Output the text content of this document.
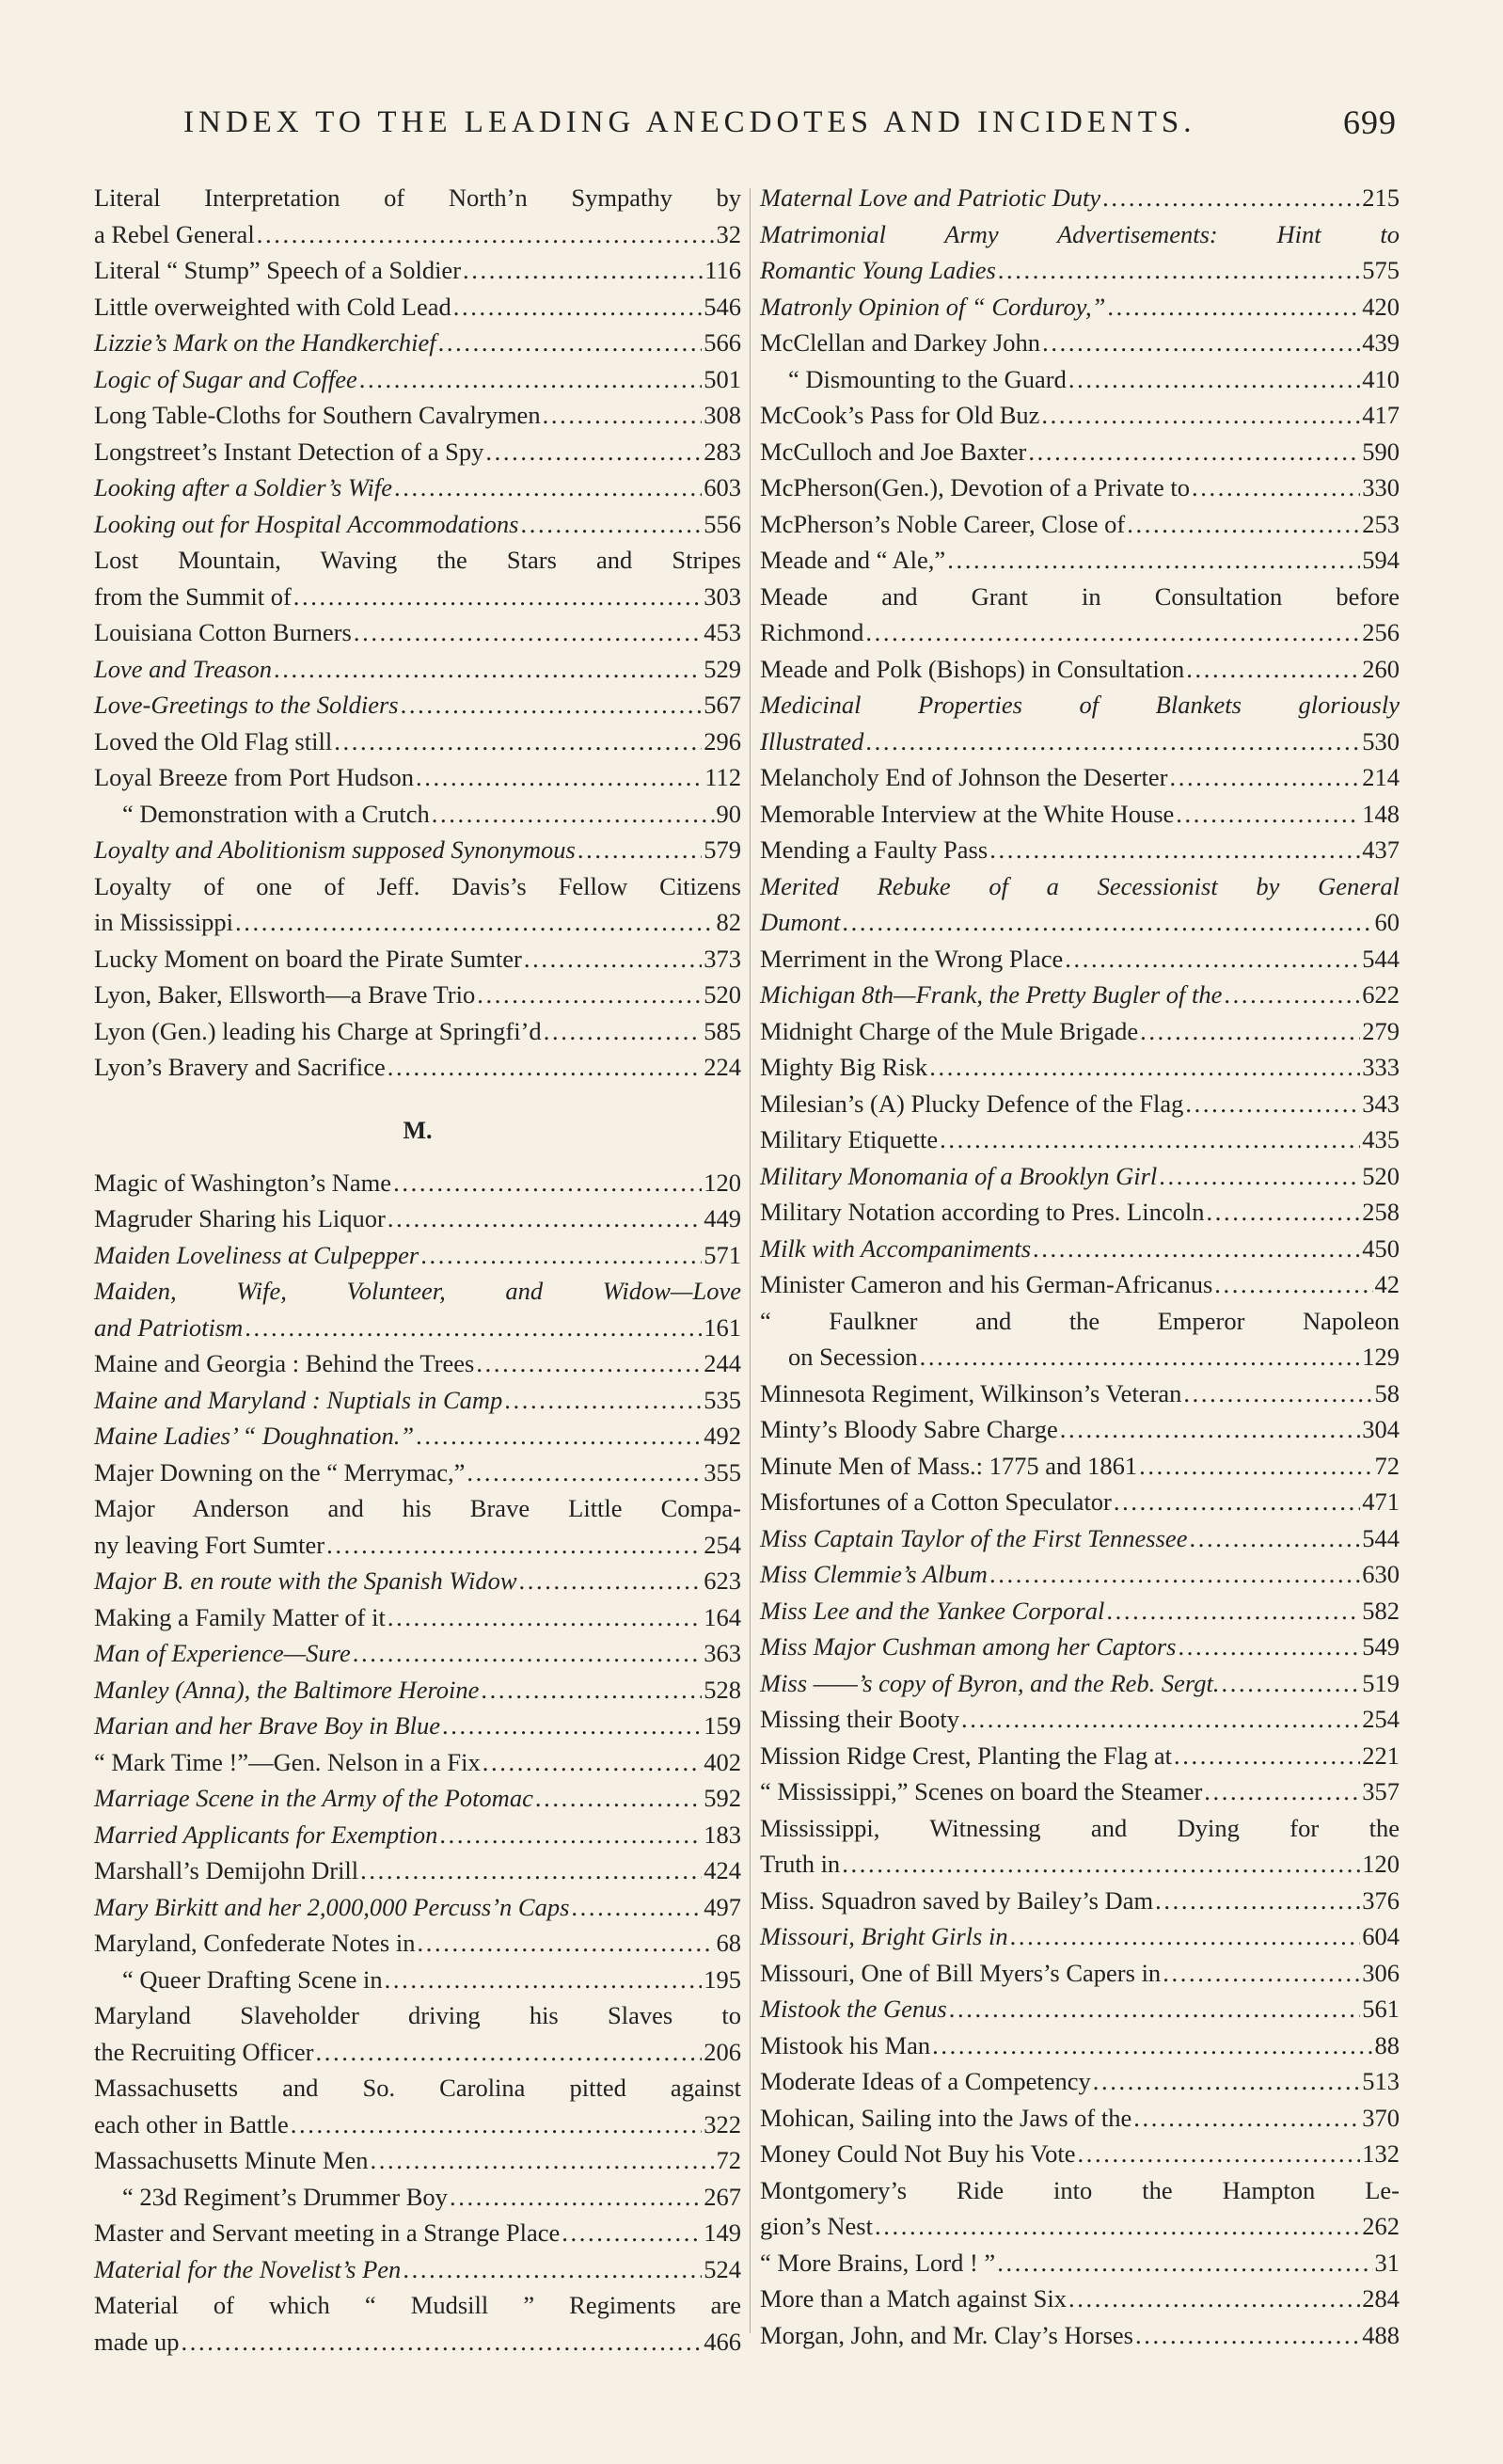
INDEX TO THE LEADING ANECDOTES AND INCIDENTS.	699
Literal Interpretation of North’n Sympathy by
a Rebel General . . .	32
Literal “ Stump” Speech of a Soldier . . .	116
Little overweighted with Cold Lead . . .	546
Lizzie’s Mark on the Handkerchief . . .	566
Logic of Sugar and Coffee . . .	501
Long Table-Cloths for Southern Cavalrymen . . .	308
Longstreet’s Instant Detection of a Spy . . .	283
Looking after a Soldier’s Wife . . .	603
Looking out for Hospital Accommodations . . .	556
Lost Mountain, Waving the Stars and Stripes
from the Summit of . . .	303
Louisiana Cotton Burners . . .	453
Love and Treason . . .	529
Love-Greetings to the Soldiers . . .	567
Loved the Old Flag still . . .	296
Loyal Breeze from Port Hudson . . .	112
“ Demonstration with a Crutch . . .	90
Loyalty and Abolitionism supposed Synonymous . . .	579
Loyalty of one of Jeff. Davis’s Fellow Citizens
in Mississippi . . .	82
Lucky Moment on board the Pirate Sumter . . .	373
Lyon, Baker, Ellsworth—a Brave Trio . . .	520
Lyon (Gen.) leading his Charge at Springfi’d . . .	585
Lyon’s Bravery and Sacrifice . . .	224
M.
Magic of Washington’s Name . . .	120
Magruder Sharing his Liquor . . .	449
Maiden Loveliness at Culpepper . . .	571
Maiden, Wife, Volunteer, and Widow—Love
and Patriotism . . .	161
Maine and Georgia : Behind the Trees . . .	244
Maine and Maryland : Nuptials in Camp . . .	535
Maine Ladies’ “ Doughnation.” . . .	492
Majer Downing on the “ Merrymac,” . . .	355
Major Anderson and his Brave Little Compa-
ny leaving Fort Sumter . . .	254
Major B. en route with the Spanish Widow . . .	623
Making a Family Matter of it . . .	164
Man of Experience—Sure . . .	363
Manley (Anna), the Baltimore Heroine . . .	528
Marian and her Brave Boy in Blue . . .	159
“ Mark Time !”—Gen. Nelson in a Fix . . .	402
Marriage Scene in the Army of the Potomac . . .	592
Married Applicants for Exemption . . .	183
Marshall’s Demijohn Drill . . .	424
Mary Birkitt and her 2,000,000 Percuss’n Caps . . .	497
Maryland, Confederate Notes in . . .	68
“ Queer Drafting Scene in . . .	195
Maryland Slaveholder driving his Slaves to
the Recruiting Officer . . .	206
Massachusetts and So. Carolina pitted against
each other in Battle . . .	322
Massachusetts Minute Men . . .	72
“ 23d Regiment’s Drummer Boy . . .	267
Master and Servant meeting in a Strange Place . . .	149
Material for the Novelist’s Pen . . .	524
Material of which “ Mudsill ” Regiments are
made up . . .	466
Maternal Love and Patriotic Duty . . .	215
Matrimonial Army Advertisements: Hint to
Romantic Young Ladies . . .	575
Matronly Opinion of “ Corduroy,” . . .	420
McClellan and Darkey John . . .	439
“ Dismounting to the Guard . . .	410
McCook’s Pass for Old Buz . . .	417
McCulloch and Joe Baxter . . .	590
McPherson(Gen.), Devotion of a Private to . . .	330
McPherson’s Noble Career, Close of . . .	253
Meade and “ Ale,” . . .	594
Meade and Grant in Consultation before
Richmond . . .	256
Meade and Polk (Bishops) in Consultation . . .	260
Medicinal Properties of Blankets gloriously
Illustrated . . .	530
Melancholy End of Johnson the Deserter . . .	214
Memorable Interview at the White House . . .	148
Mending a Faulty Pass . . .	437
Merited Rebuke of a Secessionist by General
Dumont . . .	60
Merriment in the Wrong Place . . .	544
Michigan 8th—Frank, the Pretty Bugler of the . . .	622
Midnight Charge of the Mule Brigade . . .	279
Mighty Big Risk . . .	333
Milesian’s (A) Plucky Defence of the Flag . . .	343
Military Etiquette . . .	435
Military Monomania of a Brooklyn Girl . . .	520
Military Notation according to Pres. Lincoln . . .	258
Milk with Accompaniments . . .	450
Minister Cameron and his German-Africanus . . .	42
“ Faulkner and the Emperor Napoleon
on Secession . . .	129
Minnesota Regiment, Wilkinson’s Veteran . . .	58
Minty’s Bloody Sabre Charge . . .	304
Minute Men of Mass.: 1775 and 1861 . . .	72
Misfortunes of a Cotton Speculator . . .	471
Miss Captain Taylor of the First Tennessee . . .	544
Miss Clemmie’s Album . . .	630
Miss Lee and the Yankee Corporal . . .	582
Miss Major Cushman among her Captors . . .	549
Miss ——’s copy of Byron, and the Reb. Sergt. . . .	519
Missing their Booty . . .	254
Mission Ridge Crest, Planting the Flag at . . .	221
“ Mississippi,” Scenes on board the Steamer . . .	357
Mississippi, Witnessing and Dying for the
Truth in . . .	120
Miss. Squadron saved by Bailey’s Dam . . .	376
Missouri, Bright Girls in . . .	604
Missouri, One of Bill Myers’s Capers in . . .	306
Mistook the Genus . . .	561
Mistook his Man . . .	88
Moderate Ideas of a Competency . . .	513
Mohican, Sailing into the Jaws of the . . .	370
Money Could Not Buy his Vote . . .	132
Montgomery’s Ride into the Hampton Le-
gion’s Nest . . .	262
“ More Brains, Lord ! ” . . .	31
More than a Match against Six . . .	284
Morgan, John, and Mr. Clay’s Horses . . .	488
